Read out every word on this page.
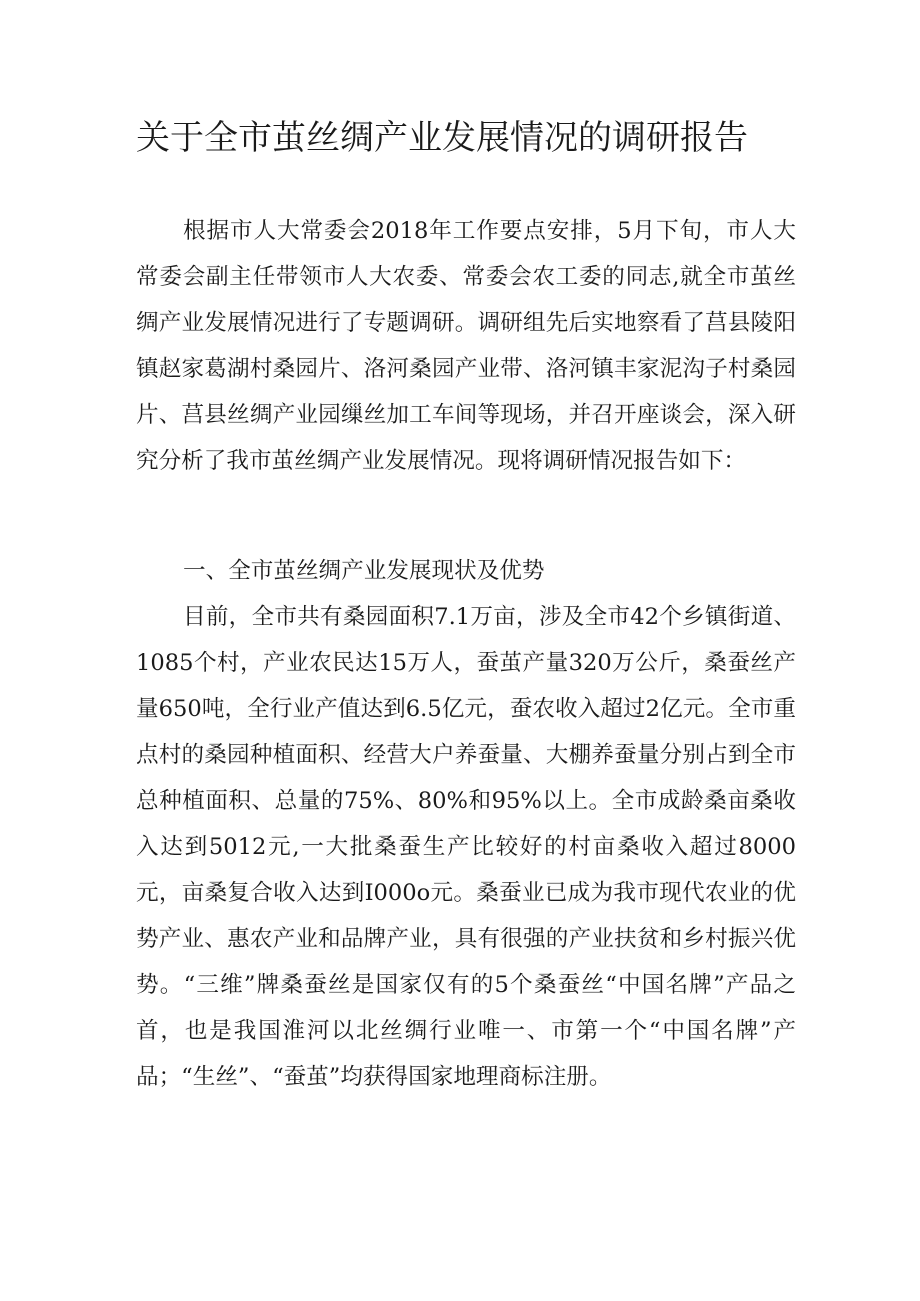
关于全市茧丝绸产业发展情况的调研报告

根据市人大常委会2018年工作要点安排，5月下旬，市人大常委会副主任带领市人大农委、常委会农工委的同志,就全市茧丝绸产业发展情况进行了专题调研。调研组先后实地察看了莒县陵阳镇赵家葛湖村桑园片、洛河桑园产业带、洛河镇丰家泥沟子村桑园片、莒县丝绸产业园缫丝加工车间等现场，并召开座谈会，深入研究分析了我市茧丝绸产业发展情况。现将调研情况报告如下：

一、全市茧丝绸产业发展现状及优势

目前，全市共有桑园面积7.1万亩，涉及全市42个乡镇街道、1085个村，产业农民达15万人，蚕茧产量320万公斤，桑蚕丝产量650吨，全行业产值达到6.5亿元，蚕农收入超过2亿元。全市重点村的桑园种植面积、经营大户养蚕量、大棚养蚕量分别占到全市总种植面积、总量的75%、80%和95%以上。全市成龄桑亩桑收入达到5012元,一大批桑蚕生产比较好的村亩桑收入超过8000元，亩桑复合收入达到I000o元。桑蚕业已成为我市现代农业的优势产业、惠农产业和品牌产业，具有很强的产业扶贫和乡村振兴优势。“三维”牌桑蚕丝是国家仅有的5个桑蚕丝“中国名牌”产品之首，也是我国淮河以北丝绸行业唯一、市第一个“中国名牌”产品；“生丝”、“蚕茧”均获得国家地理商标注册。
